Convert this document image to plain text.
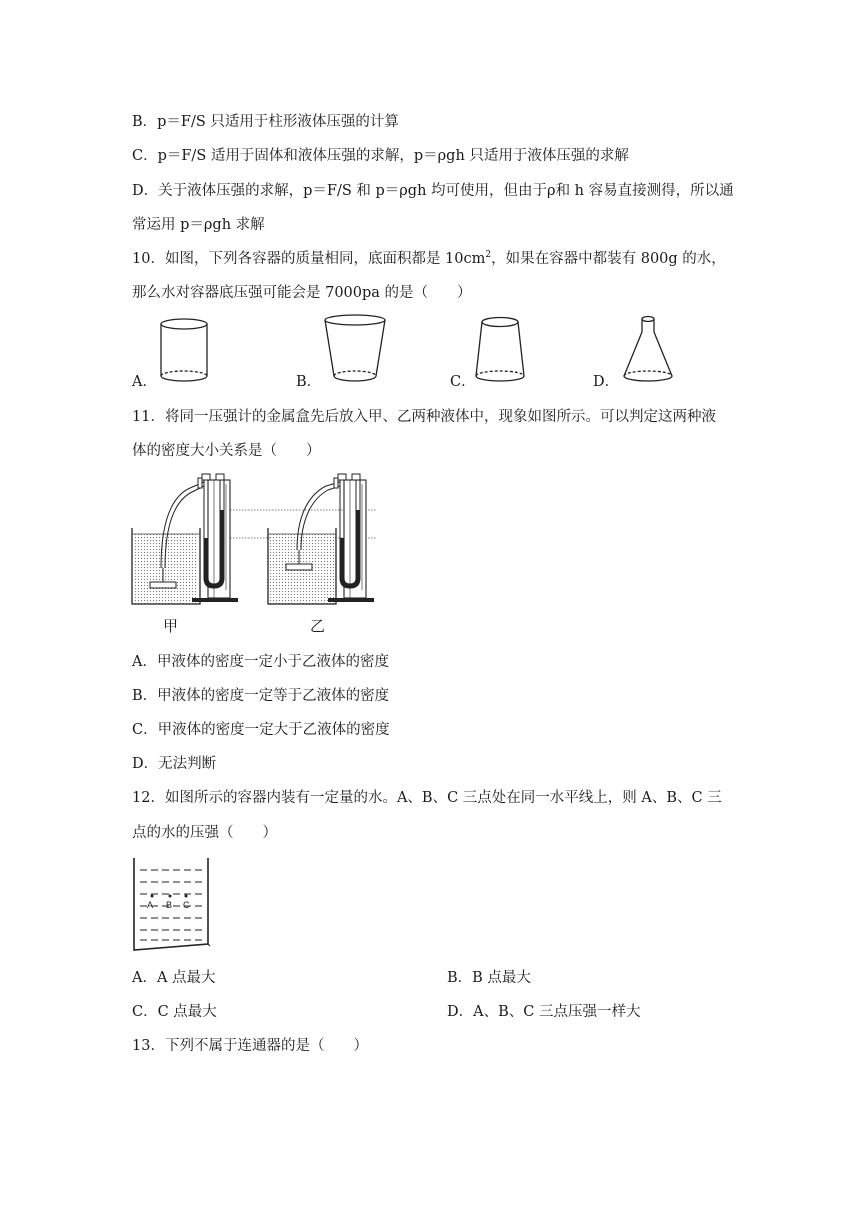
B．p＝F/S 只适用于柱形液体压强的计算
C．p＝F/S 适用于固体和液体压强的求解，p＝ρgh 只适用于液体压强的求解
D．关于液体压强的求解，p＝F/S 和 p＝ρgh 均可使用，但由于ρ和 h 容易直接测得，所以通
常运用 p＝ρgh 求解
10．如图，下列各容器的质量相同，底面积都是 $10cm^2$，如果在容器中都装有 800g 的水，
那么水对容器底压强可能会是 7000pa 的是（　　）
A．	B．	C．	D．
11．将同一压强计的金属盒先后放入甲、乙两种液体中，现象如图所示。可以判定这两种液
体的密度大小关系是（　　）
甲	乙
A．甲液体的密度一定小于乙液体的密度
B．甲液体的密度一定等于乙液体的密度
C．甲液体的密度一定大于乙液体的密度
D．无法判断
12．如图所示的容器内装有一定量的水。A、B、C 三点处在同一水平线上，则 A、B、C 三
点的水的压强（　　）
A B C
A．A 点最大	B．B 点最大
C．C 点最大	D．A、B、C 三点压强一样大
13．下列不属于连通器的是（　　）
